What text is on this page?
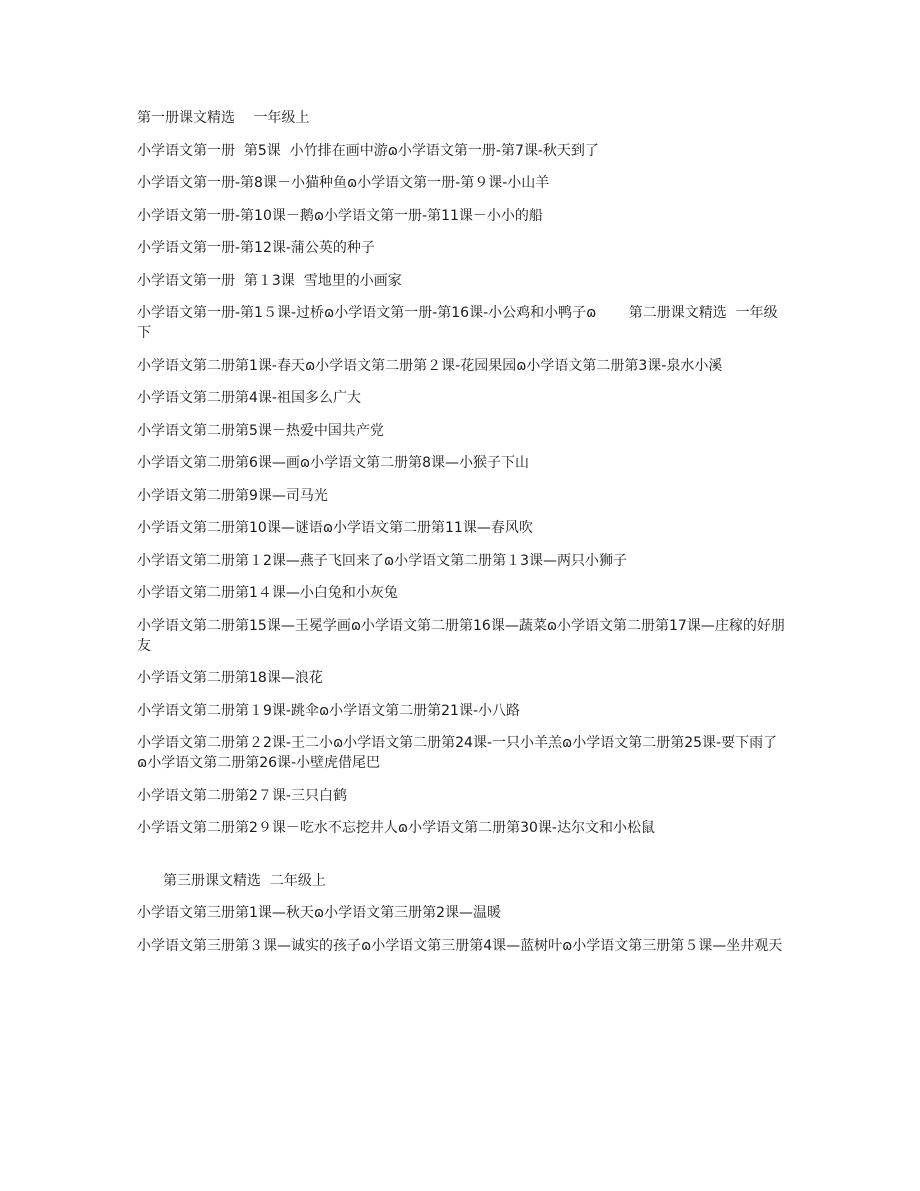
第一册课文精选　 一年级上
小学语文第一册  第5课  小竹排在画中游ɷ小学语文第一册-第7课-秋天到了
小学语文第一册-第8课－小猫种鱼ɷ小学语文第一册-第９课-小山羊
小学语文第一册-第10课－鹅ɷ小学语文第一册-第11课－小小的船
小学语文第一册-第12课-蒲公英的种子
小学语文第一册  第１3课  雪地里的小画家
小学语文第一册-第1５课-过桥ɷ小学语文第一册-第16课-小公鸡和小鸭子ɷ　　 第二册课文精选  一年级下
小学语文第二册第1课-春天ɷ小学语文第二册第２课-花园果园ɷ小学语文第二册第3课-泉水小溪
小学语文第二册第4课-祖国多么广大
小学语文第二册第5课－热爱中国共产党
小学语文第二册第6课—画ɷ小学语文第二册第8课—小猴子下山
小学语文第二册第9课—司马光
小学语文第二册第10课—谜语ɷ小学语文第二册第11课—春风吹
小学语文第二册第１2课—燕子飞回来了ɷ小学语文第二册第１3课—两只小狮子
小学语文第二册第1４课—小白兔和小灰兔
小学语文第二册第15课—王冕学画ɷ小学语文第二册第16课—蔬菜ɷ小学语文第二册第17课—庄稼的好朋友
小学语文第二册第18课—浪花
小学语文第二册第１9课-跳伞ɷ小学语文第二册第21课-小八路
小学语文第二册第２2课-王二小ɷ小学语文第二册第24课-一只小羊羔ɷ小学语文第二册第25课-要下雨了ɷ小学语文第二册第26课-小壁虎借尾巴
小学语文第二册第2７课-三只白鹤
小学语文第二册第2９课－吃水不忘挖井人ɷ小学语文第二册第30课-达尔文和小松鼠
第三册课文精选  二年级上
小学语文第三册第1课—秋天ɷ小学语文第三册第2课—温暖
小学语文第三册第３课—诚实的孩子ɷ小学语文第三册第4课—蓝树叶ɷ小学语文第三册第５课—坐井观天
